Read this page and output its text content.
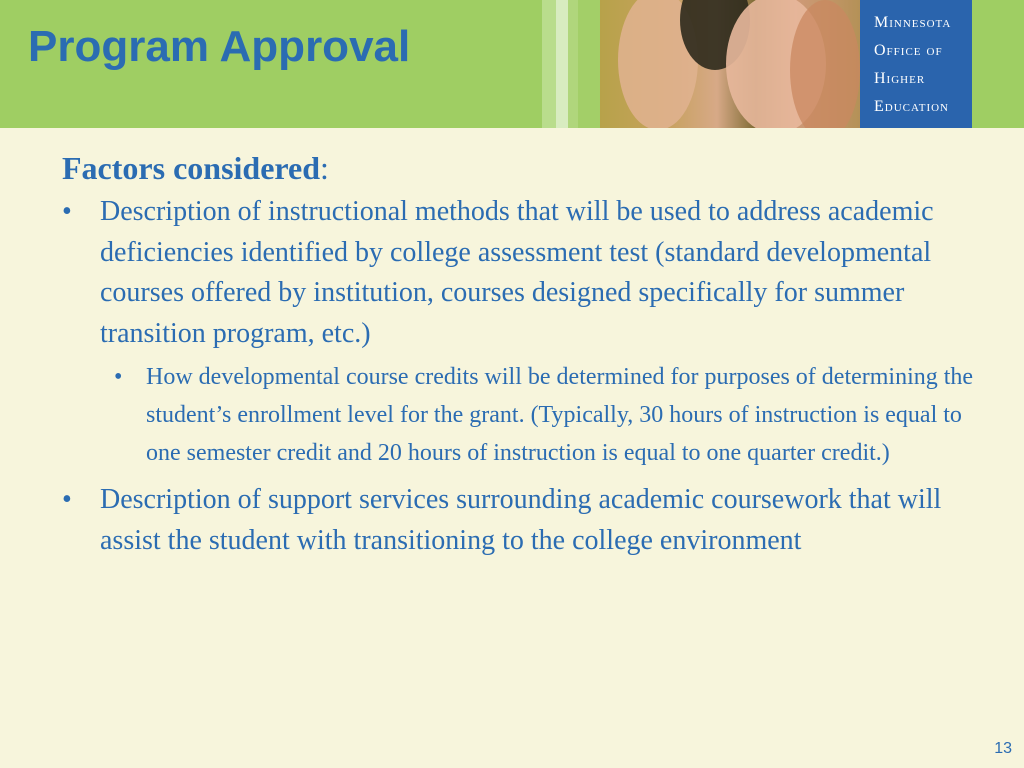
Program Approval	Minnesota
Office of
Higher
Education
Factors considered:
• Description of instructional methods that will be used to address academic deficiencies identified by college assessment test (standard developmental courses offered by institution, courses designed specifically for summer transition program, etc.)
• How developmental course credits will be determined for purposes of determining the student’s enrollment level for the grant. (Typically, 30 hours of instruction is equal to one semester credit and 20 hours of instruction is equal to one quarter credit.)
• Description of support services surrounding academic coursework that will assist the student with transitioning to the college environment
13
